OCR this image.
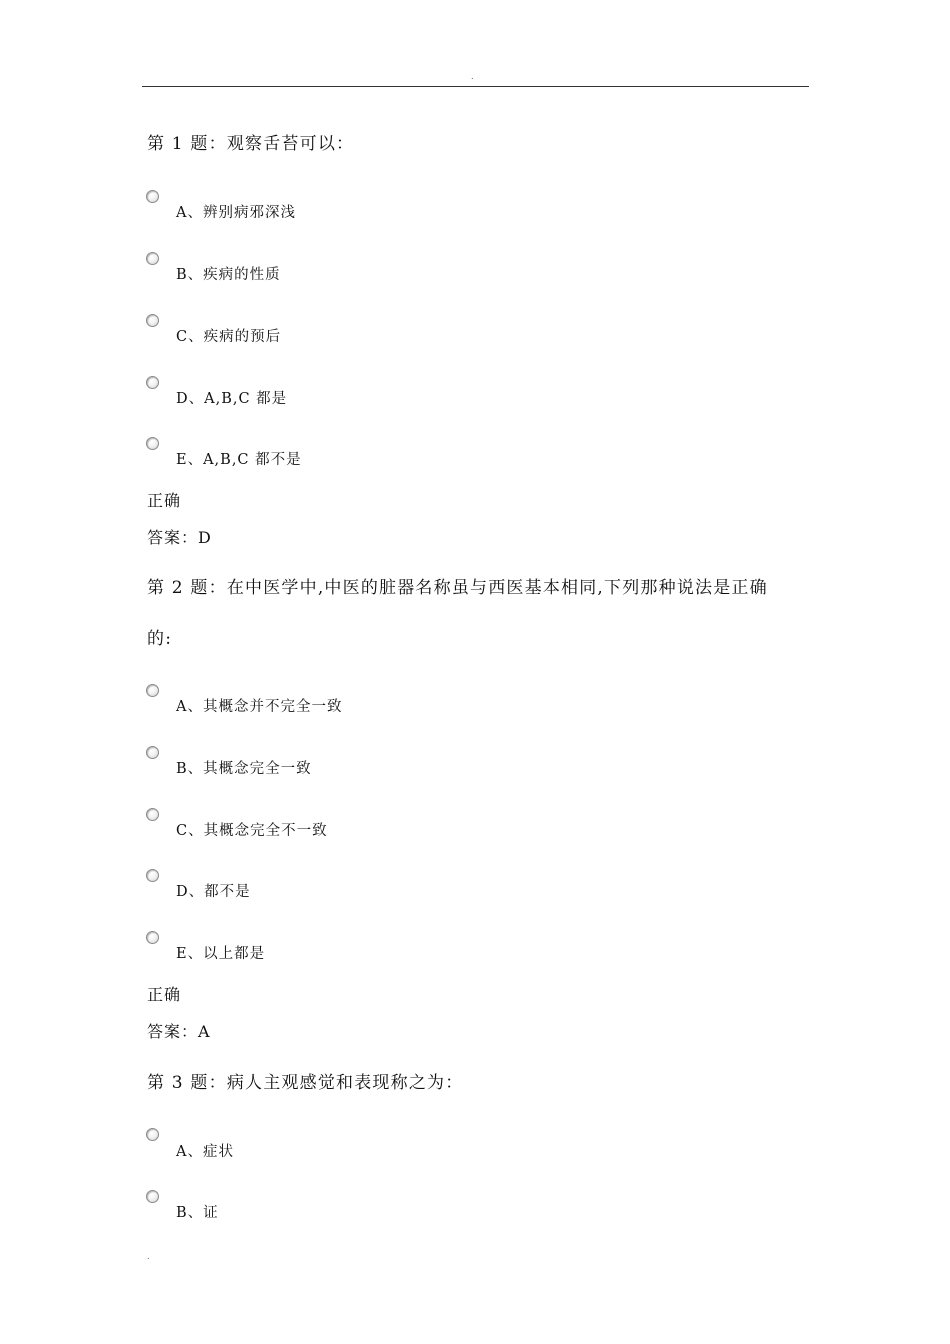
.
第 1 题：观察舌苔可以：
A、辨别病邪深浅
B、疾病的性质
C、疾病的预后
D、A,B,C 都是
E、A,B,C 都不是
正确
答案：D
第 2 题：在中医学中,中医的脏器名称虽与西医基本相同,下列那种说法是正确
的:
A、其概念并不完全一致
B、其概念完全一致
C、其概念完全不一致
D、都不是
E、以上都是
正确
答案：A
第 3 题：病人主观感觉和表现称之为：
A、症状
B、证
.
